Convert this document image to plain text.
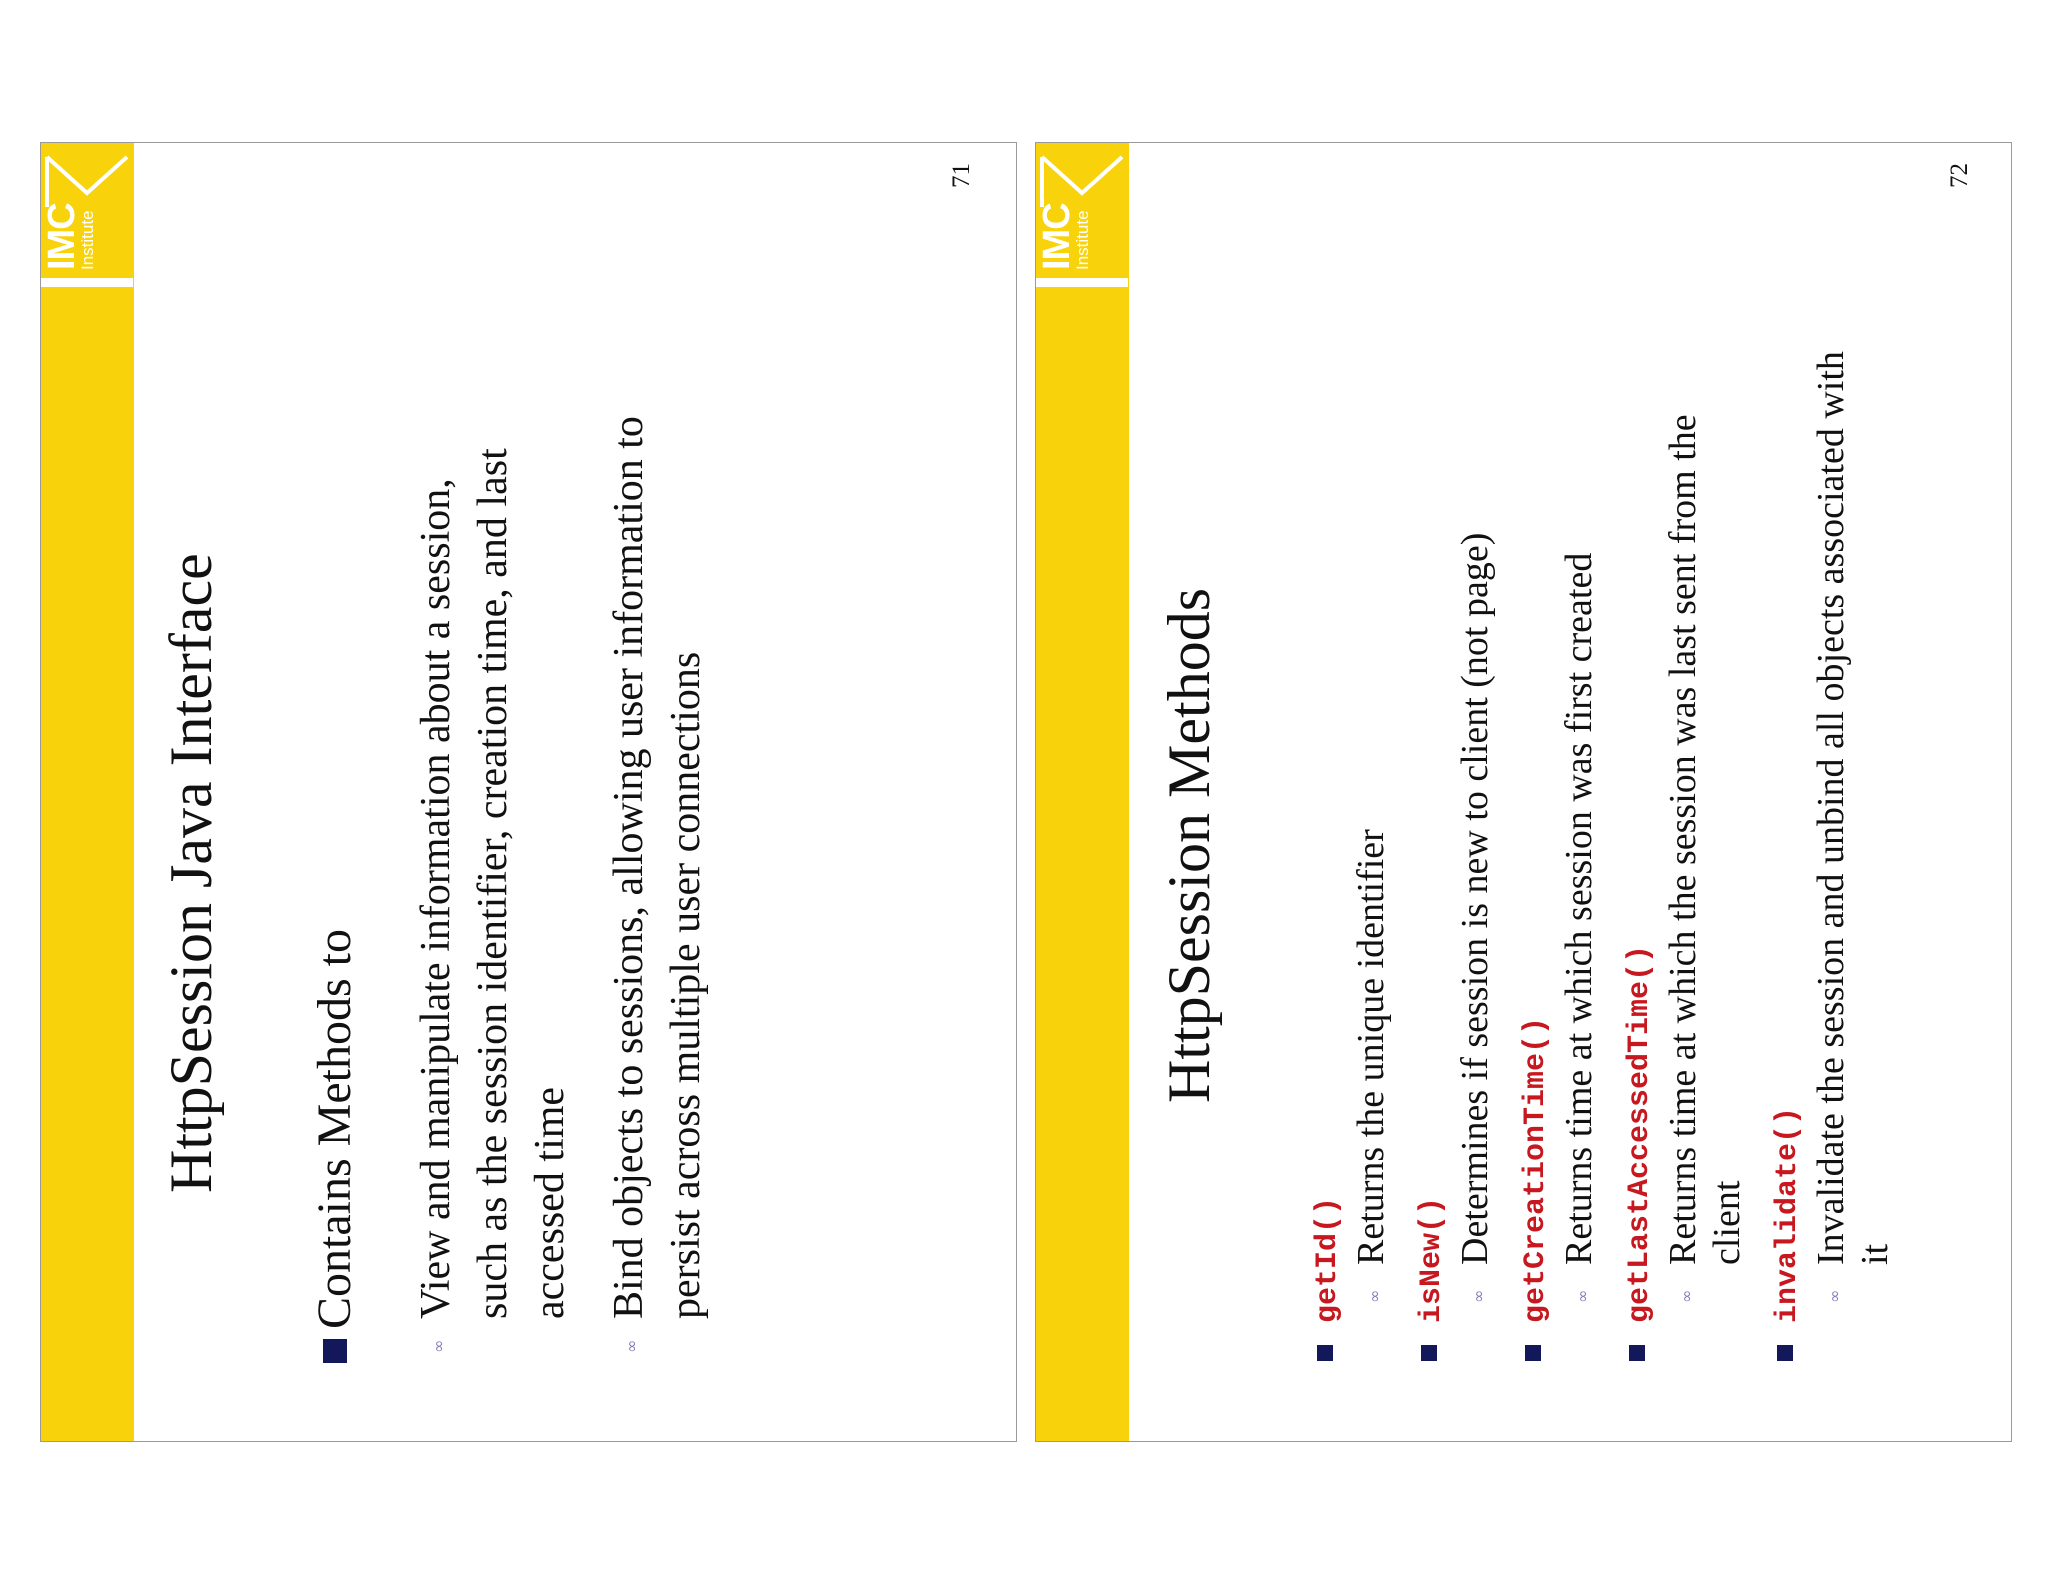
IMC
Institute
71
HttpSession Java Interface Contains Methods to
∞
View and manipulate information about a session, such as the session identifier, creation time, and last accessed time
∞
Bind objects to sessions, allowing user information to persist across multiple user connections
IMC
Institute
72
HttpSession Methods
getId()	∞
Returns the unique identifier isNew()	∞
Determines if session is new to client (not page) getCreationTime()	∞
Returns time at which session was first created getLastAccessedTime()	∞
Returns time at which the session was last sent from the client invalidate()	∞
Invalidate the session and unbind all objects associated with it
